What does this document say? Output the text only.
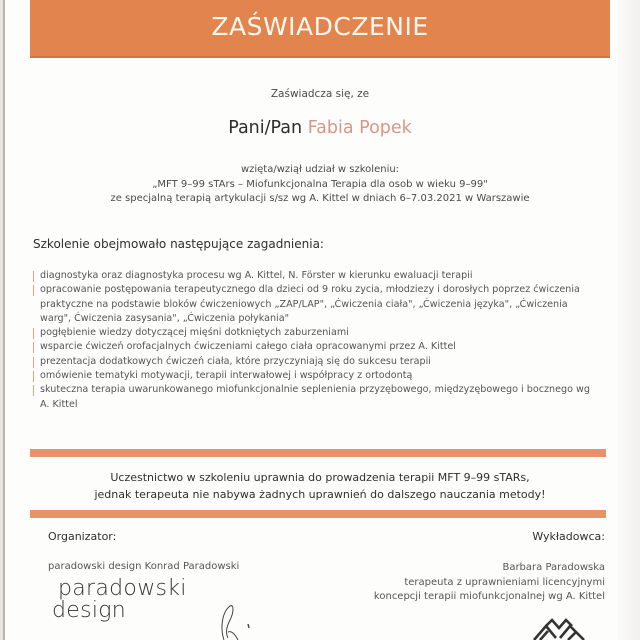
ZAŚWIADCZENIE
Zaświadcza się, ze
Pani/Pan Fabia Popek
wzięta/wziął udział w szkoleniu:
„MFT 9–99 sTArs – Miofunkcjonalna Terapia dla osob w wieku 9–99"
ze specjalną terapią artykulacji s/sz wg A. Kittel w dniach 6–7.03.2021 w Warszawie
Szkolenie obejmowało następujące zagadnienia:
diagnostyka oraz diagnostyka procesu wg A. Kittel, N. Förster w kierunku ewaluacji terapii
opracowanie postępowania terapeutycznego dla dzieci od 9 roku zycia, młodziezy i dorosłych poprzez ćwiczenia praktyczne na podstawie bloków ćwiczeniowych „ZAP/LAP", „Ćwiczenia ciała", „Ćwiczenia języka", „Ćwiczenia warg", Ćwiczenia zasysania", „Ćwiczenia połykania"
pogłębienie wiedzy dotyczącej mięśni dotkniętych zaburzeniami
wsparcie ćwiczeń orofacjalnych ćwiczeniami całego ciała opracowanymi przez A. Kittel
prezentacja dodatkowych ćwiczeń ciała, które przyczyniają się do sukcesu terapii
omówienie tematyki motywacji, terapii interwałowej i współpracy z ortodontą
skuteczna terapia uwarunkowanego miofunkcjonalnie seplenienia przyzębowego, międzyzębowego i bocznego wg A. Kittel
Uczestnictwo w szkoleniu uprawnia do prowadzenia terapii MFT 9–99 sTARs,
jednak terapeuta nie nabywa żadnych uprawnień do dalszego nauczania metody!
Organizator:	Wykładowca:
paradowski design Konrad Paradowski	Barbara Paradowska
terapeuta z uprawnieniami licencyjnymi
koncepcji terapii miofunkcjonalnej wg A. Kittel
paradowski
design
